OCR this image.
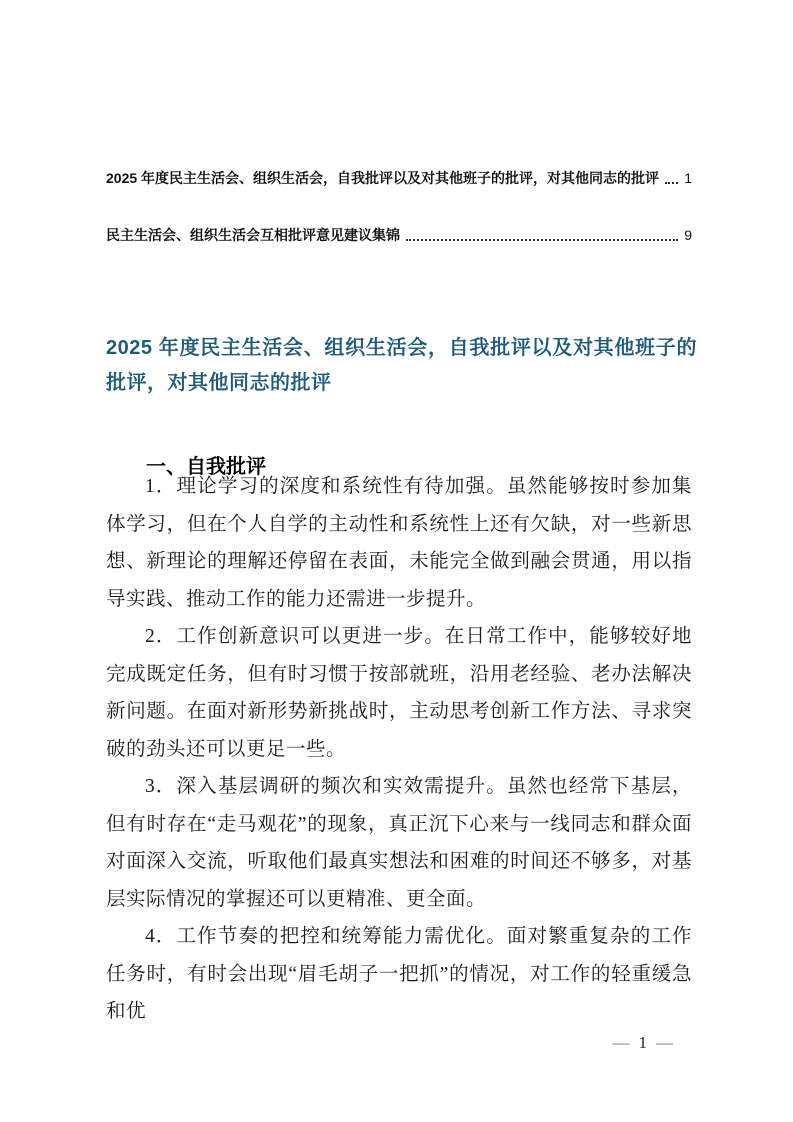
2025 年度民主生活会、组织生活会，自我批评以及对其他班子的批评，对其他同志的批评 1
民主生活会、组织生活会互相批评意见建议集锦	9
2025 年度民主生活会、组织生活会，自我批评以及对其他班子的批评，对其他同志的批评
一、自我批评

1．理论学习的深度和系统性有待加强。虽然能够按时参加集体学习，但在个人自学的主动性和系统性上还有欠缺，对一些新思想、新理论的理解还停留在表面，未能完全做到融会贯通，用以指导实践、推动工作的能力还需进一步提升。

2．工作创新意识可以更进一步。在日常工作中，能够较好地完成既定任务，但有时习惯于按部就班，沿用老经验、老办法解决新问题。在面对新形势新挑战时，主动思考创新工作方法、寻求突破的劲头还可以更足一些。

3．深入基层调研的频次和实效需提升。虽然也经常下基层，但有时存在“走马观花”的现象，真正沉下心来与一线同志和群众面对面深入交流，听取他们最真实想法和困难的时间还不够多，对基层实际情况的掌握还可以更精准、更全面。

4．工作节奏的把控和统筹能力需优化。面对繁重复杂的工作任务时，有时会出现“眉毛胡子一把抓”的情况，对工作的轻重缓急和优

— 1 —
